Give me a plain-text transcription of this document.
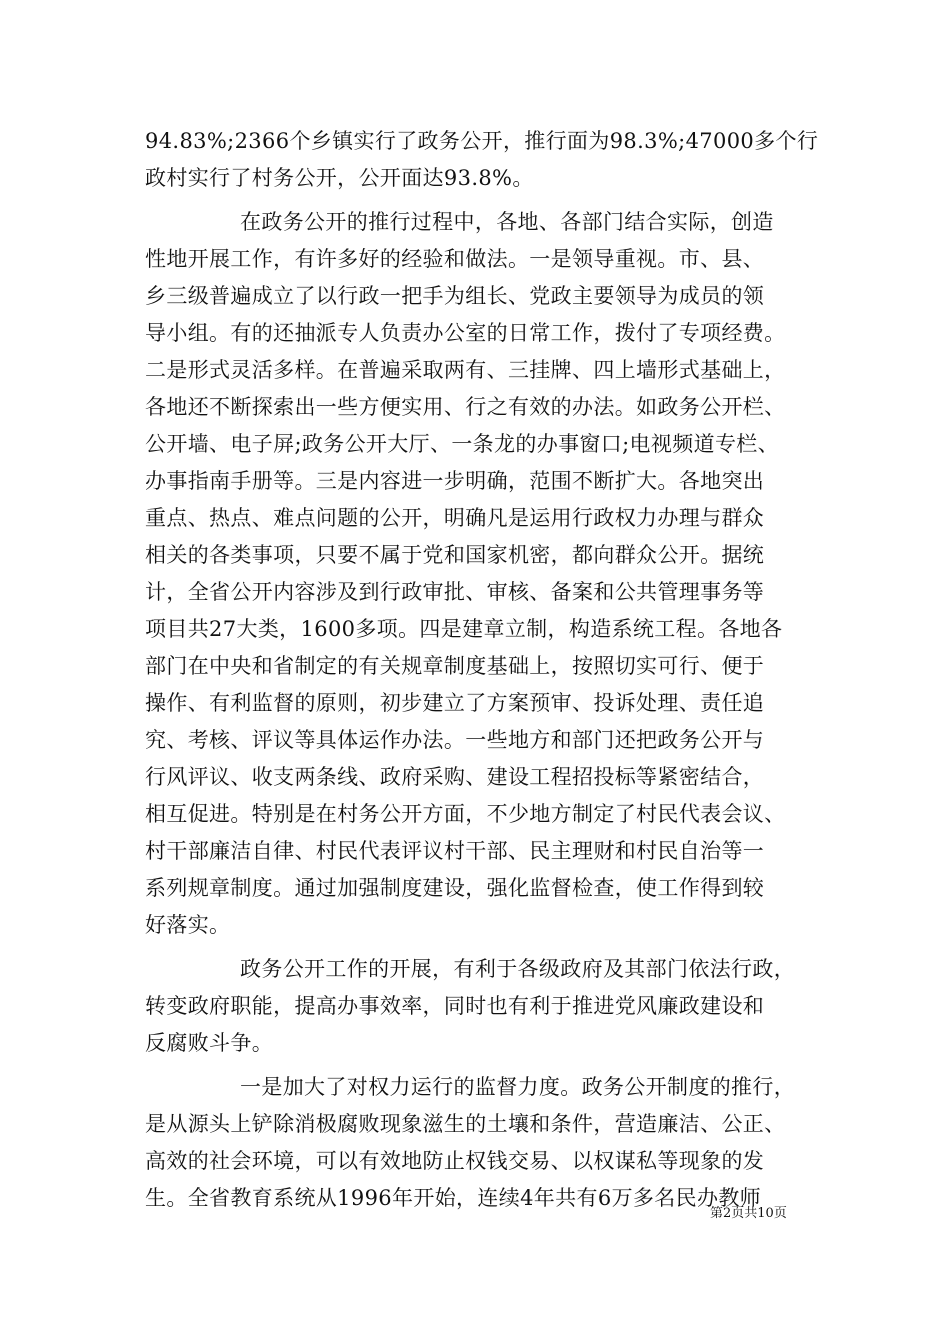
94.83%;2366个乡镇实行了政务公开，推行面为98.3%;47000多个行
政村实行了村务公开，公开面达93.8%。
在政务公开的推行过程中，各地、各部门结合实际，创造
性地开展工作，有许多好的经验和做法。一是领导重视。市、县、
乡三级普遍成立了以行政一把手为组长、党政主要领导为成员的领
导小组。有的还抽派专人负责办公室的日常工作，拨付了专项经费。
二是形式灵活多样。在普遍采取两有、三挂牌、四上墙形式基础上，
各地还不断探索出一些方便实用、行之有效的办法。如政务公开栏、
公开墙、电子屏;政务公开大厅、一条龙的办事窗口;电视频道专栏、
办事指南手册等。三是内容进一步明确，范围不断扩大。各地突出
重点、热点、难点问题的公开，明确凡是运用行政权力办理与群众
相关的各类事项，只要不属于党和国家机密，都向群众公开。据统
计，全省公开内容涉及到行政审批、审核、备案和公共管理事务等
项目共27大类，1600多项。四是建章立制，构造系统工程。各地各
部门在中央和省制定的有关规章制度基础上，按照切实可行、便于
操作、有利监督的原则，初步建立了方案预审、投诉处理、责任追
究、考核、评议等具体运作办法。一些地方和部门还把政务公开与
行风评议、收支两条线、政府采购、建设工程招投标等紧密结合，
相互促进。特别是在村务公开方面，不少地方制定了村民代表会议、
村干部廉洁自律、村民代表评议村干部、民主理财和村民自治等一
系列规章制度。通过加强制度建设，强化监督检查，使工作得到较
好落实。
政务公开工作的开展，有利于各级政府及其部门依法行政，
转变政府职能，提高办事效率，同时也有利于推进党风廉政建设和
反腐败斗争。
一是加大了对权力运行的监督力度。政务公开制度的推行，
是从源头上铲除消极腐败现象滋生的土壤和条件，营造廉洁、公正、
高效的社会环境，可以有效地防止权钱交易、以权谋私等现象的发
生。全省教育系统从1996年开始，连续4年共有6万多名民办教师
第2页共10页
